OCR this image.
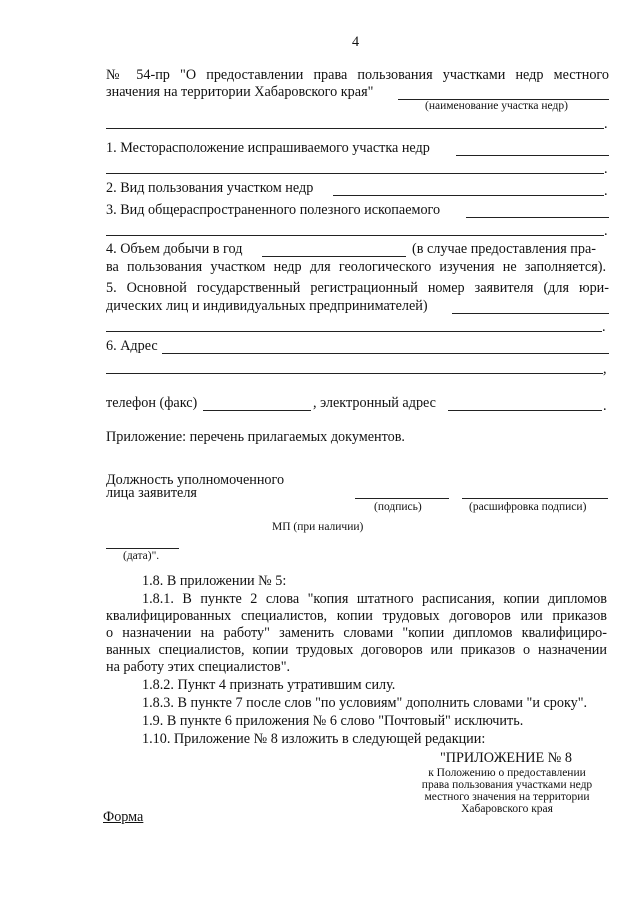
4
№ 54-пр "О предоставлении права пользования участками недр местного
значения на территории Хабаровского края"
(наименование участка недр)
.
1. Месторасположение испрашиваемого участка недр
.
2. Вид пользования участком недр	.
3. Вид общераспространенного полезного ископаемого
.
4. Объем добычи в год	(в случае предоставления пра-
ва пользования участком недр для геологического изучения не заполняется).
5. Основной государственный регистрационный номер заявителя (для юри-
дических лиц и индивидуальных предпринимателей)
.
6. Адрес
,
телефон (факс)	, электронный адрес	.
Приложение: перечень прилагаемых документов.
Должность уполномоченного
лица заявителя
(подпись)	(расшифровка подписи)
МП (при наличии)
(дата)".
1.8. В приложении № 5:
1.8.1. В пункте 2 слова "копия штатного расписания, копии дипломов
квалифицированных специалистов, копии трудовых договоров или приказов
о назначении на работу" заменить словами "копии дипломов квалифициро-
ванных специалистов, копии трудовых договоров или приказов о назначении
на работу этих специалистов".
1.8.2. Пункт 4 признать утратившим силу.
1.8.3. В пункте 7 после слов "по условиям" дополнить словами "и сроку".
1.9. В пункте 6 приложения № 6 слово "Почтовый" исключить.
1.10. Приложение № 8 изложить в следующей редакции:
"ПРИЛОЖЕНИЕ № 8
к Положению о предоставлении
права пользования участками недр
местного значения на территории
Хабаровского края
Форма
